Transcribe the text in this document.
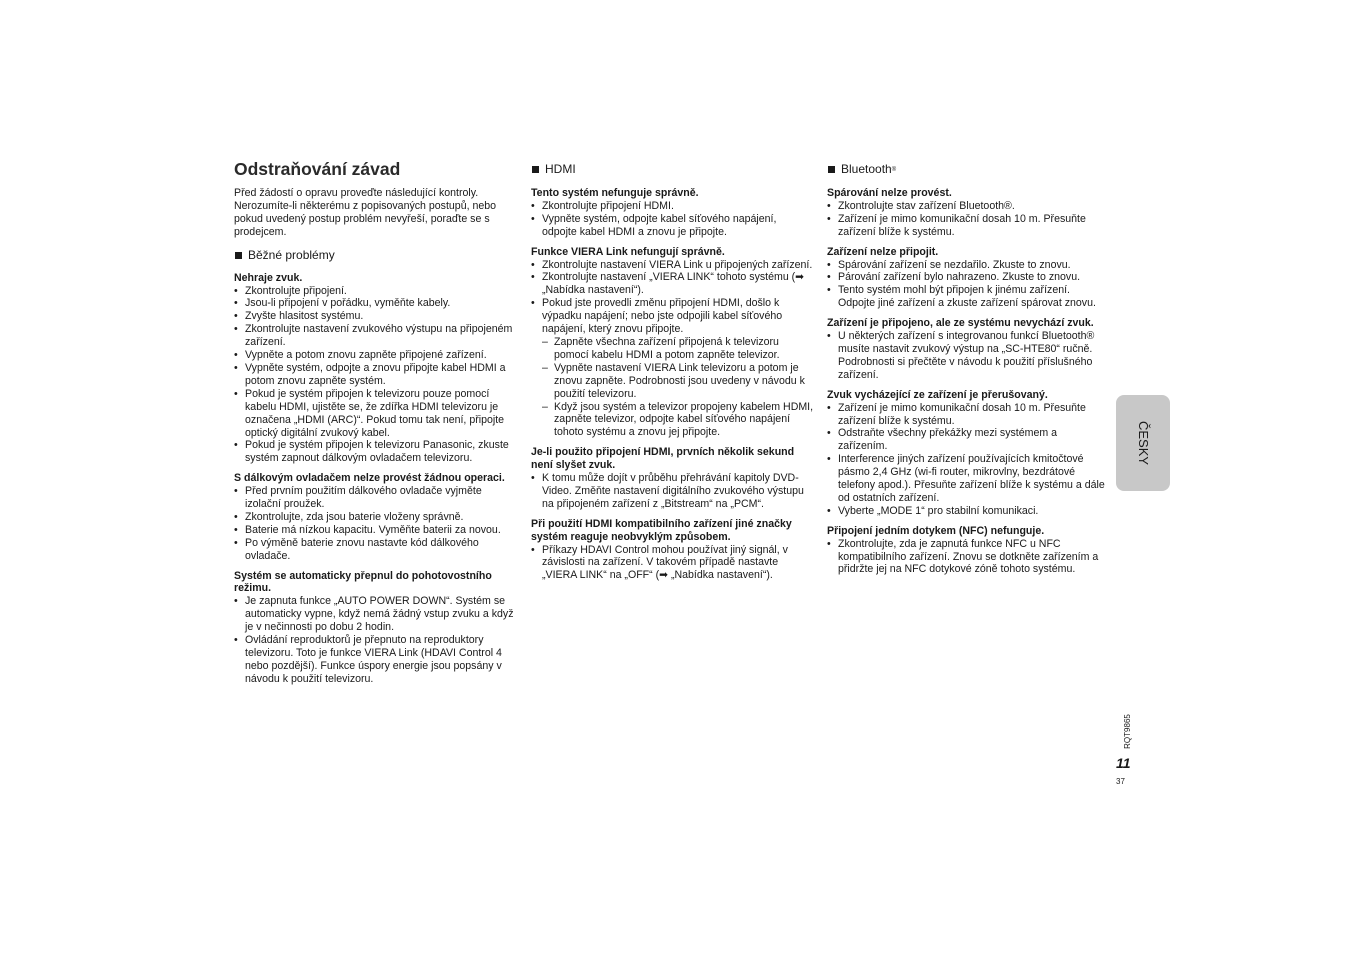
Odstraňování závad

Před žádostí o opravu proveďte následující kontroly. Nerozumíte-li některému z popisovaných postupů, nebo pokud uvedený postup problém nevyřeší, poraďte se s prodejcem.

Běžné problémy

Nehraje zvuk.

• Zkontrolujte připojení.
• Jsou-li připojení v pořádku, vyměňte kabely.
• Zvyšte hlasitost systému.
• Zkontrolujte nastavení zvukového výstupu na připojeném zařízení.
• Vypněte a potom znovu zapněte připojené zařízení.
• Vypněte systém, odpojte a znovu připojte kabel HDMI a potom znovu zapněte systém.
• Pokud je systém připojen k televizoru pouze pomocí kabelu HDMI, ujistěte se, že zdířka HDMI televizoru je označena „HDMI (ARC)“. Pokud tomu tak není, připojte optický digitální zvukový kabel.
• Pokud je systém připojen k televizoru Panasonic, zkuste systém zapnout dálkovým ovladačem televizoru.

S dálkovým ovladačem nelze provést žádnou operaci.

• Před prvním použitím dálkového ovladače vyjměte izolační proužek.
• Zkontrolujte, zda jsou baterie vloženy správně.
• Baterie má nízkou kapacitu. Vyměňte baterii za novou.
• Po výměně baterie znovu nastavte kód dálkového ovladače.

Systém se automaticky přepnul do pohotovostního režimu.

• Je zapnuta funkce „AUTO POWER DOWN“. Systém se automaticky vypne, když nemá žádný vstup zvuku a když je v nečinnosti po dobu 2 hodin.
• Ovládání reproduktorů je přepnuto na reproduktory televizoru. Toto je funkce VIERA Link (HDAVI Control 4 nebo pozdější). Funkce úspory energie jsou popsány v návodu k použití televizoru.
HDMI

Tento systém nefunguje správně.

• Zkontrolujte připojení HDMI.
• Vypněte systém, odpojte kabel síťového napájení, odpojte kabel HDMI a znovu je připojte.

Funkce VIERA Link nefungují správně.

• Zkontrolujte nastavení VIERA Link u připojených zařízení.
• Zkontrolujte nastavení „VIERA LINK“ tohoto systému (➡ „Nabídka nastavení“).
• Pokud jste provedli změnu připojení HDMI, došlo k výpadku napájení; nebo jste odpojili kabel síťového napájení, který znovu připojte.
– Zapněte všechna zařízení připojená k televizoru pomocí kabelu HDMI a potom zapněte televizor.
– Vypněte nastavení VIERA Link televizoru a potom je znovu zapněte. Podrobnosti jsou uvedeny v návodu k použití televizoru.
– Když jsou systém a televizor propojeny kabelem HDMI, zapněte televizor, odpojte kabel síťového napájení tohoto systému a znovu jej připojte.

Je-li použito připojení HDMI, prvních několik sekund není slyšet zvuk.

• K tomu může dojít v průběhu přehrávání kapitoly DVD-Video. Změňte nastavení digitálního zvukového výstupu na připojeném zařízení z „Bitstream“ na „PCM“.

Při použití HDMI kompatibilního zařízení jiné značky systém reaguje neobvyklým způsobem.

• Příkazy HDAVI Control mohou používat jiný signál, v závislosti na zařízení. V takovém případě nastavte „VIERA LINK“ na „OFF“ (➡ „Nabídka nastavení“).
Bluetooth ®

Spárování nelze provést.

• Zkontrolujte stav zařízení Bluetooth®.
• Zařízení je mimo komunikační dosah 10 m. Přesuňte zařízení blíže k systému.

Zařízení nelze připojit.

• Spárování zařízení se nezdařilo. Zkuste to znovu.
• Párování zařízení bylo nahrazeno. Zkuste to znovu.
• Tento systém mohl být připojen k jinému zařízení. Odpojte jiné zařízení a zkuste zařízení spárovat znovu.

Zařízení je připojeno, ale ze systému nevychází zvuk.

• U některých zařízení s integrovanou funkcí Bluetooth® musíte nastavit zvukový výstup na „SC-HTE80“ ručně. Podrobnosti si přečtěte v návodu k použití příslušného zařízení.

Zvuk vycházející ze zařízení je přerušovaný.

• Zařízení je mimo komunikační dosah 10 m. Přesuňte zařízení blíže k systému.
• Odstraňte všechny překážky mezi systémem a zařízením.
• Interference jiných zařízení používajících kmitočtové pásmo 2,4 GHz (wi-fi router, mikrovlny, bezdrátové telefony apod.). Přesuňte zařízení blíže k systému a dále od ostatních zařízení.
• Vyberte „MODE 1“ pro stabilní komunikaci.

Připojení jedním dotykem (NFC) nefunguje.

• Zkontrolujte, zda je zapnutá funkce NFC u NFC kompatibilního zařízení. Znovu se dotkněte zařízením a přidržte jej na NFC dotykové zóně tohoto systému.
ČESKY
RQT9865
11
37
